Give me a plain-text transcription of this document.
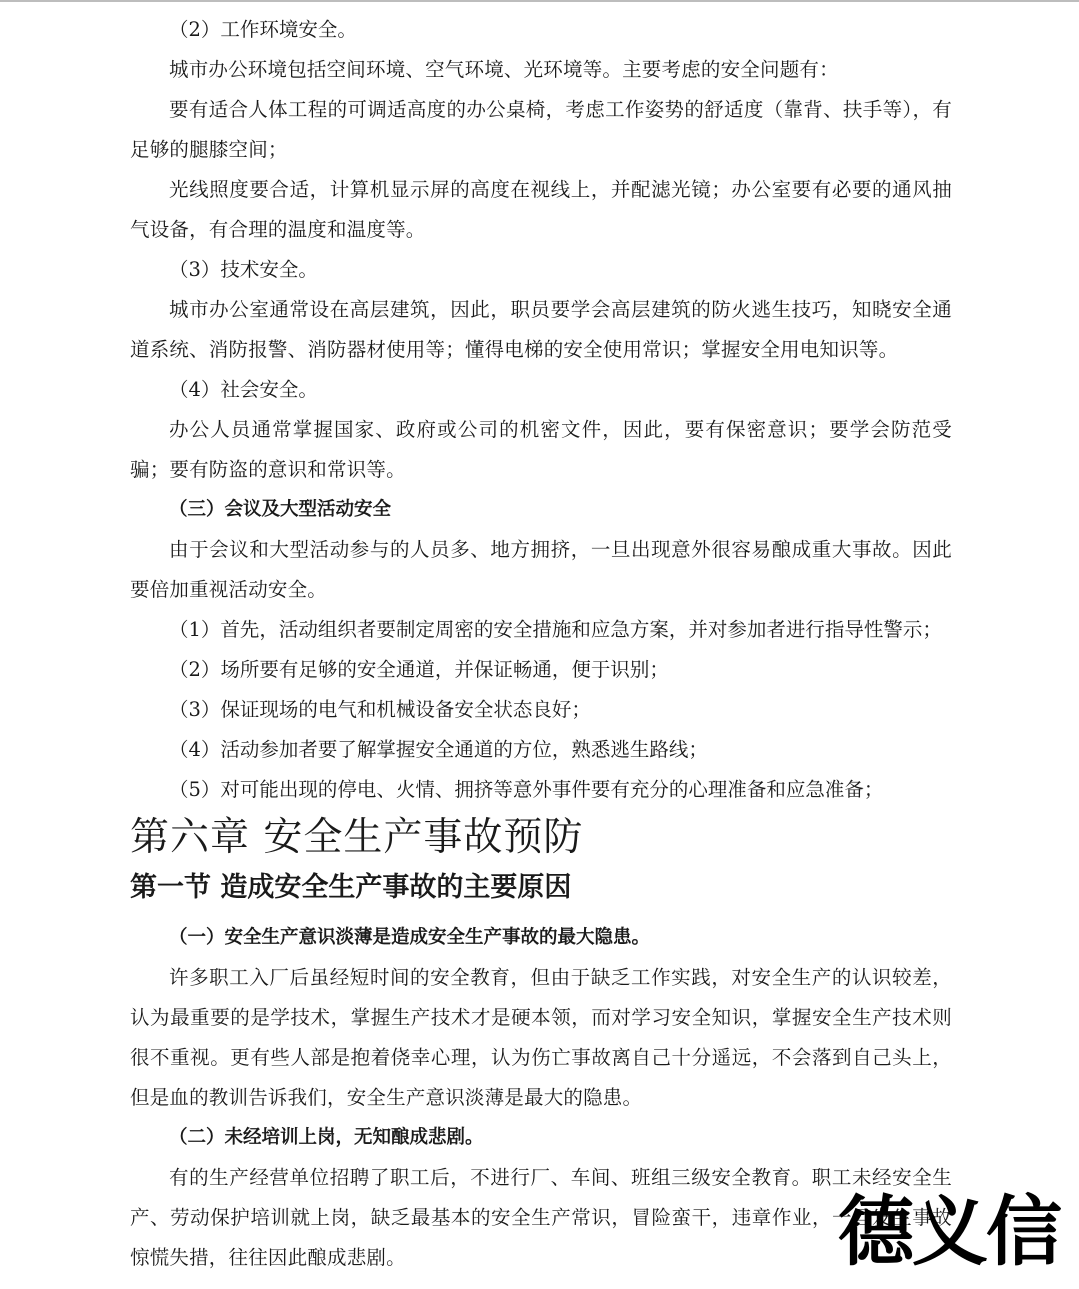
（2）工作环境安全。

城市办公环境包括空间环境、空气环境、光环境等。主要考虑的安全问题有：

要有适合人体工程的可调适高度的办公桌椅，考虑工作姿势的舒适度（靠背、扶手等），有足够的腿膝空间；

光线照度要合适，计算机显示屏的高度在视线上，并配滤光镜；办公室要有必要的通风抽气设备，有合理的温度和温度等。

（3）技术安全。

城市办公室通常设在高层建筑，因此，职员要学会高层建筑的防火逃生技巧，知晓安全通道系统、消防报警、消防器材使用等；懂得电梯的安全使用常识；掌握安全用电知识等。

（4）社会安全。

办公人员通常掌握国家、政府或公司的机密文件，因此，要有保密意识；要学会防范受骗；要有防盗的意识和常识等。

（三）会议及大型活动安全

由于会议和大型活动参与的人员多、地方拥挤，一旦出现意外很容易酿成重大事故。因此要倍加重视活动安全。

（1）首先，活动组织者要制定周密的安全措施和应急方案，并对参加者进行指导性警示；

（2）场所要有足够的安全通道，并保证畅通，便于识别；

（3）保证现场的电气和机械设备安全状态良好；

（4）活动参加者要了解掌握安全通道的方位，熟悉逃生路线；

（5）对可能出现的停电、火情、拥挤等意外事件要有充分的心理准备和应急准备；

第六章 安全生产事故预防
第一节 造成安全生产事故的主要原因

（一）安全生产意识淡薄是造成安全生产事故的最大隐患。

许多职工入厂后虽经短时间的安全教育，但由于缺乏工作实践，对安全生产的认识较差，认为最重要的是学技术，掌握生产技术才是硬本领，而对学习安全知识，掌握安全生产技术则很不重视。更有些人部是抱着侥幸心理，认为伤亡事故离自己十分遥远，不会落到自己头上，但是血的教训告诉我们，安全生产意识淡薄是最大的隐患。

（二）未经培训上岗，无知酿成悲剧。

有的生产经营单位招聘了职工后，不进行厂、车间、班组三级安全教育。职工未经安全生产、劳动保护培训就上岗，缺乏最基本的安全生产常识，冒险蛮干，违章作业，一旦发生事故惊慌失措，往往因此酿成悲剧。	德义信
